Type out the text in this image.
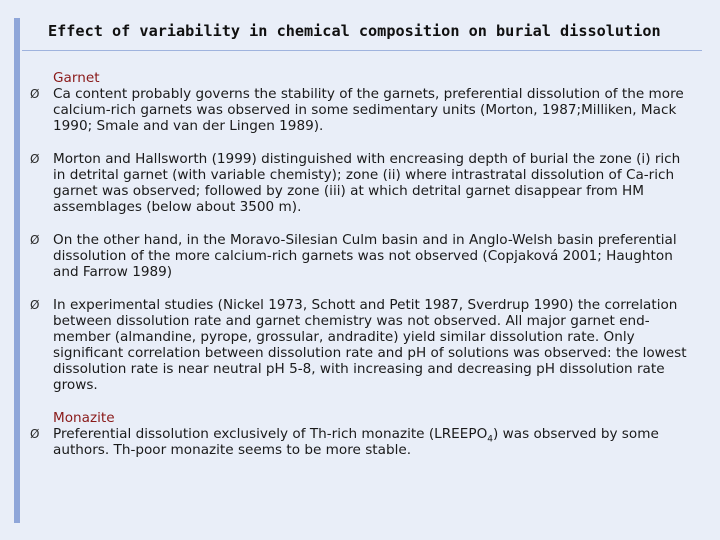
Effect of variability in chemical composition on burial dissolution

Garnet

Ø Ca content probably governs the stability of the garnets, preferential dissolution of the more calcium-rich garnets was observed in some sedimentary units (Morton, 1987;Milliken, Mack 1990; Smale and van der Lingen 1989).
Ø Morton and Hallsworth (1999) distinguished with encreasing depth of burial the zone (i) rich in detrital garnet (with variable chemisty); zone (ii) where intrastratal dissolution of Ca-rich garnet was observed; followed by zone (iii) at which detrital garnet disappear from HM assemblages (below about 3500 m).
Ø On the other hand, in the Moravo-Silesian Culm basin and in Anglo-Welsh basin preferential dissolution of the more calcium-rich garnets was not observed (Copjaková 2001; Haughton and Farrow 1989)
Ø In experimental studies (Nickel 1973, Schott and Petit 1987, Sverdrup 1990) the correlation between dissolution rate and garnet chemistry was not observed. All major garnet end-member (almandine, pyrope, grossular, andradite) yield similar dissolution rate. Only significant correlation between dissolution rate and pH of solutions was observed: the lowest dissolution rate is near neutral pH 5-8, with increasing and decreasing pH dissolution rate grows.

Monazite

Ø Preferential dissolution exclusively of Th-rich monazite $(LREEPO_4)$ was observed by some authors. Th-poor monazite seems to be more stable.
